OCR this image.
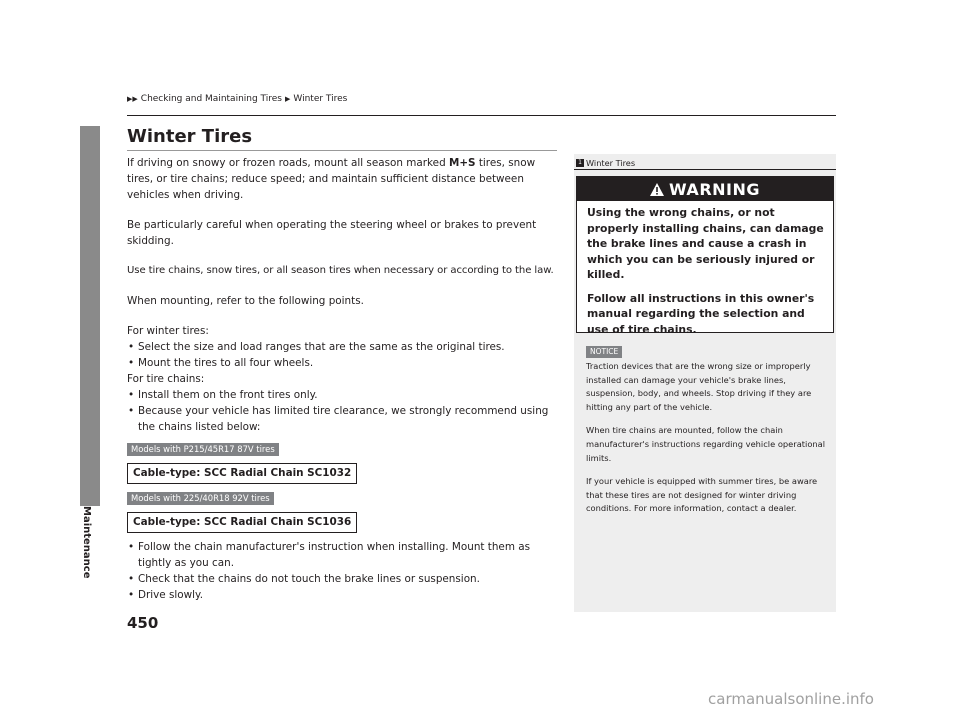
Maintenance
▶▶ Checking and Maintaining Tires ▶ Winter Tires
Winter Tires

If driving on snowy or frozen roads, mount all season marked M+S tires, snow tires, or tire chains; reduce speed; and maintain sufficient distance between vehicles when driving.

Be particularly careful when operating the steering wheel or brakes to prevent skidding.

Use tire chains, snow tires, or all season tires when necessary or according to the law.

When mounting, refer to the following points.

For winter tires:

• Select the size and load ranges that are the same as the original tires.

• Mount the tires to all four wheels.

For tire chains:

• Install them on the front tires only.

• Because your vehicle has limited tire clearance, we strongly recommend using the chains listed below:

Models with P215/45R17 87V tires
Cable-type: SCC Radial Chain SC1032
Models with 225/40R18 92V tires
Cable-type: SCC Radial Chain SC1036

• Follow the chain manufacturer's instruction when installing. Mount them as tightly as you can.

• Check that the chains do not touch the brake lines or suspension.

• Drive slowly.

1 Winter Tires
WARNING

Using the wrong chains, or not properly installing chains, can damage the brake lines and cause a crash in which you can be seriously injured or killed.

Follow all instructions in this owner's manual regarding the selection and use of tire chains.

NOTICE

Traction devices that are the wrong size or improperly installed can damage your vehicle's brake lines, suspension, body, and wheels. Stop driving if they are hitting any part of the vehicle.

When tire chains are mounted, follow the chain manufacturer's instructions regarding vehicle operational limits.

If your vehicle is equipped with summer tires, be aware that these tires are not designed for winter driving conditions. For more information, contact a dealer.

450
carmanualsonline.info
